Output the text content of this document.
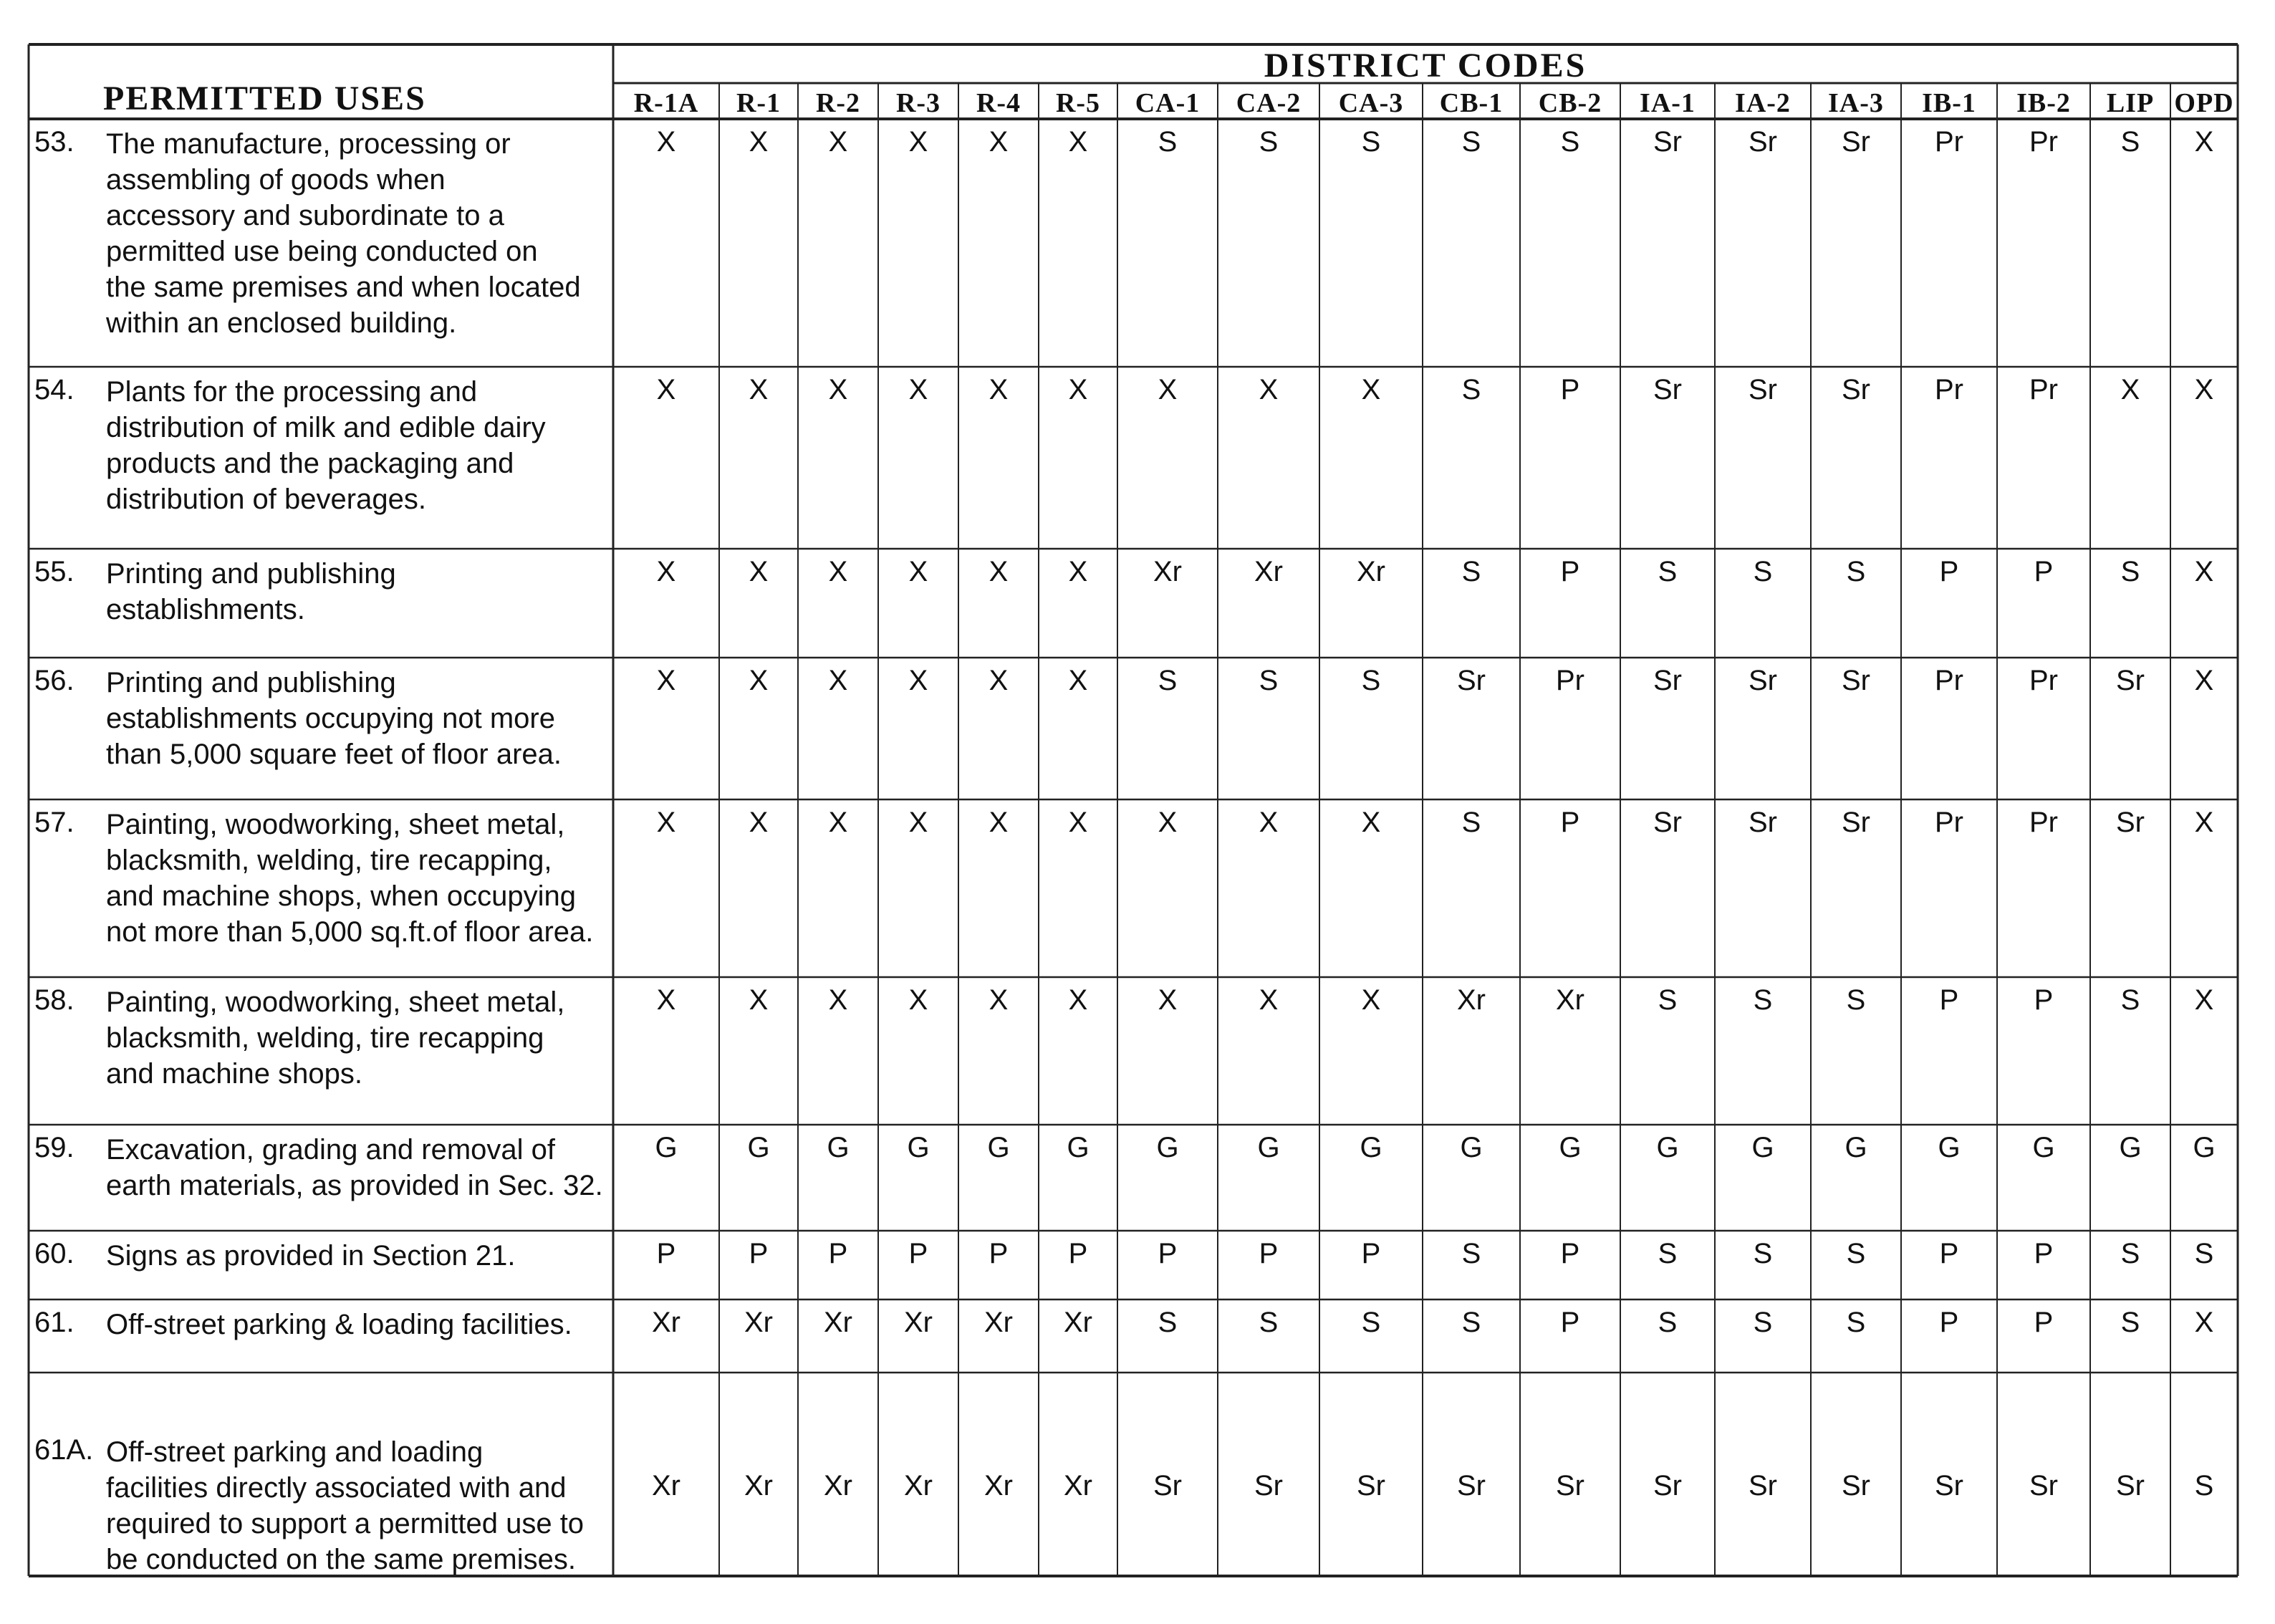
PERMITTED USES
DISTRICT CODES
R-1A	R-1	R-2	R-3	R-4	R-5	CA-1	CA-2	CA-3	CB-1	CB-2	IA-1	IA-2	IA-3	IB-1	IB-2	LIP OPD
53. The manufacture, processing or
assembling of goods when
accessory and subordinate to a
permitted use being conducted on
the same premises and when located
within an enclosed building.
X	X	X	X	X	X	S	S	S	S	S	Sr	Sr	Sr	Pr	Pr	S	X
54. Plants for the processing and
distribution of milk and edible dairy
products and the packaging and
distribution of beverages.
X	X	X	X	X	X	X	X	X	S	P	Sr	Sr	Sr	Pr	Pr	X	X
55. Printing and publishing
establishments.
X	X	X	X	X	X	Xr	Xr	Xr	S	P	S	S	S	P	P	S	X
56. Printing and publishing
establishments occupying not more
than 5,000 square feet of floor area.
X	X	X	X	X	X	S	S	S	Sr	Pr	Sr	Sr	Sr	Pr	Pr	Sr	X
57. Painting, woodworking, sheet metal,
blacksmith, welding, tire recapping,
and machine shops, when occupying
not more than 5,000 sq.ft.of floor area.
X	X	X	X	X	X	X	X	X	S	P	Sr	Sr	Sr	Pr	Pr	Sr	X
58. Painting, woodworking, sheet metal,
blacksmith, welding, tire recapping
and machine shops.
X	X	X	X	X	X	X	X	X	Xr	Xr	S	S	S	P	P	S	X
59. Excavation, grading and removal of
earth materials, as provided in Sec. 32.
G	G	G	G	G	G	G	G	G	G	G	G	G	G	G	G	G	G
60. Signs as provided in Section 21.	P	P	P	P	P	P	P	P	P	S	P	S	S	S	P	P	S	S
61. Off-street parking & loading facilities.	Xr	Xr	Xr	Xr	Xr	Xr	S	S	S	S	P	S	S	S	P	P	S	X
61A. Off-street parking and loading
facilities directly associated with and
required to support a permitted use to
be conducted on the same premises.
Xr	Xr	Xr	Xr	Xr	Xr	Sr	Sr	Sr	Sr	Sr	Sr	Sr	Sr	Sr	Sr	Sr	S
